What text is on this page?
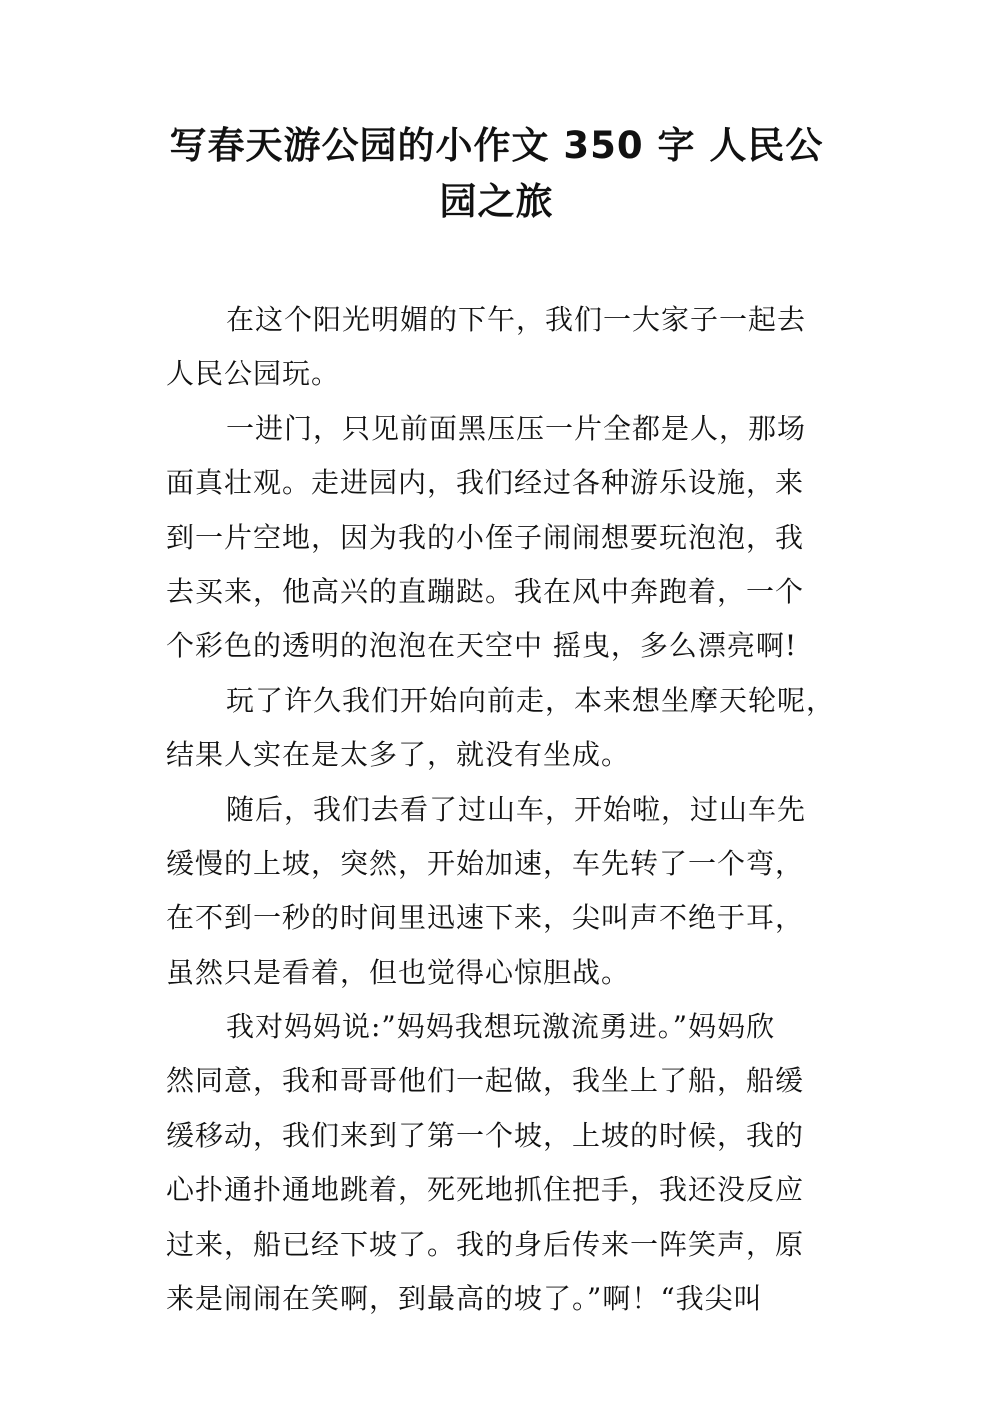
写春天游公园的小作文 350 字 人民公
园之旅
在这个阳光明媚的下午，我们一大家子一起去
人民公园玩。
一进门，只见前面黑压压一片全都是人，那场
面真壮观。走进园内，我们经过各种游乐设施，来
到一片空地，因为我的小侄子闹闹想要玩泡泡，我
去买来，他高兴的直蹦跶。我在风中奔跑着，一个
个彩色的透明的泡泡在天空中 摇曳，多么漂亮啊!
玩了许久我们开始向前走，本来想坐摩天轮呢，
结果人实在是太多了，就没有坐成。
随后，我们去看了过山车，开始啦，过山车先
缓慢的上坡，突然，开始加速，车先转了一个弯，
在不到一秒的时间里迅速下来，尖叫声不绝于耳，
虽然只是看着，但也觉得心惊胆战。
我对妈妈说:”妈妈我想玩激流勇进。”妈妈欣
然同意，我和哥哥他们一起做，我坐上了船，船缓
缓移动，我们来到了第一个坡，上坡的时候，我的
心扑通扑通地跳着，死死地抓住把手，我还没反应
过来，船已经下坡了。我的身后传来一阵笑声，原
来是闹闹在笑啊，到最高的坡了。”啊！“我尖叫
